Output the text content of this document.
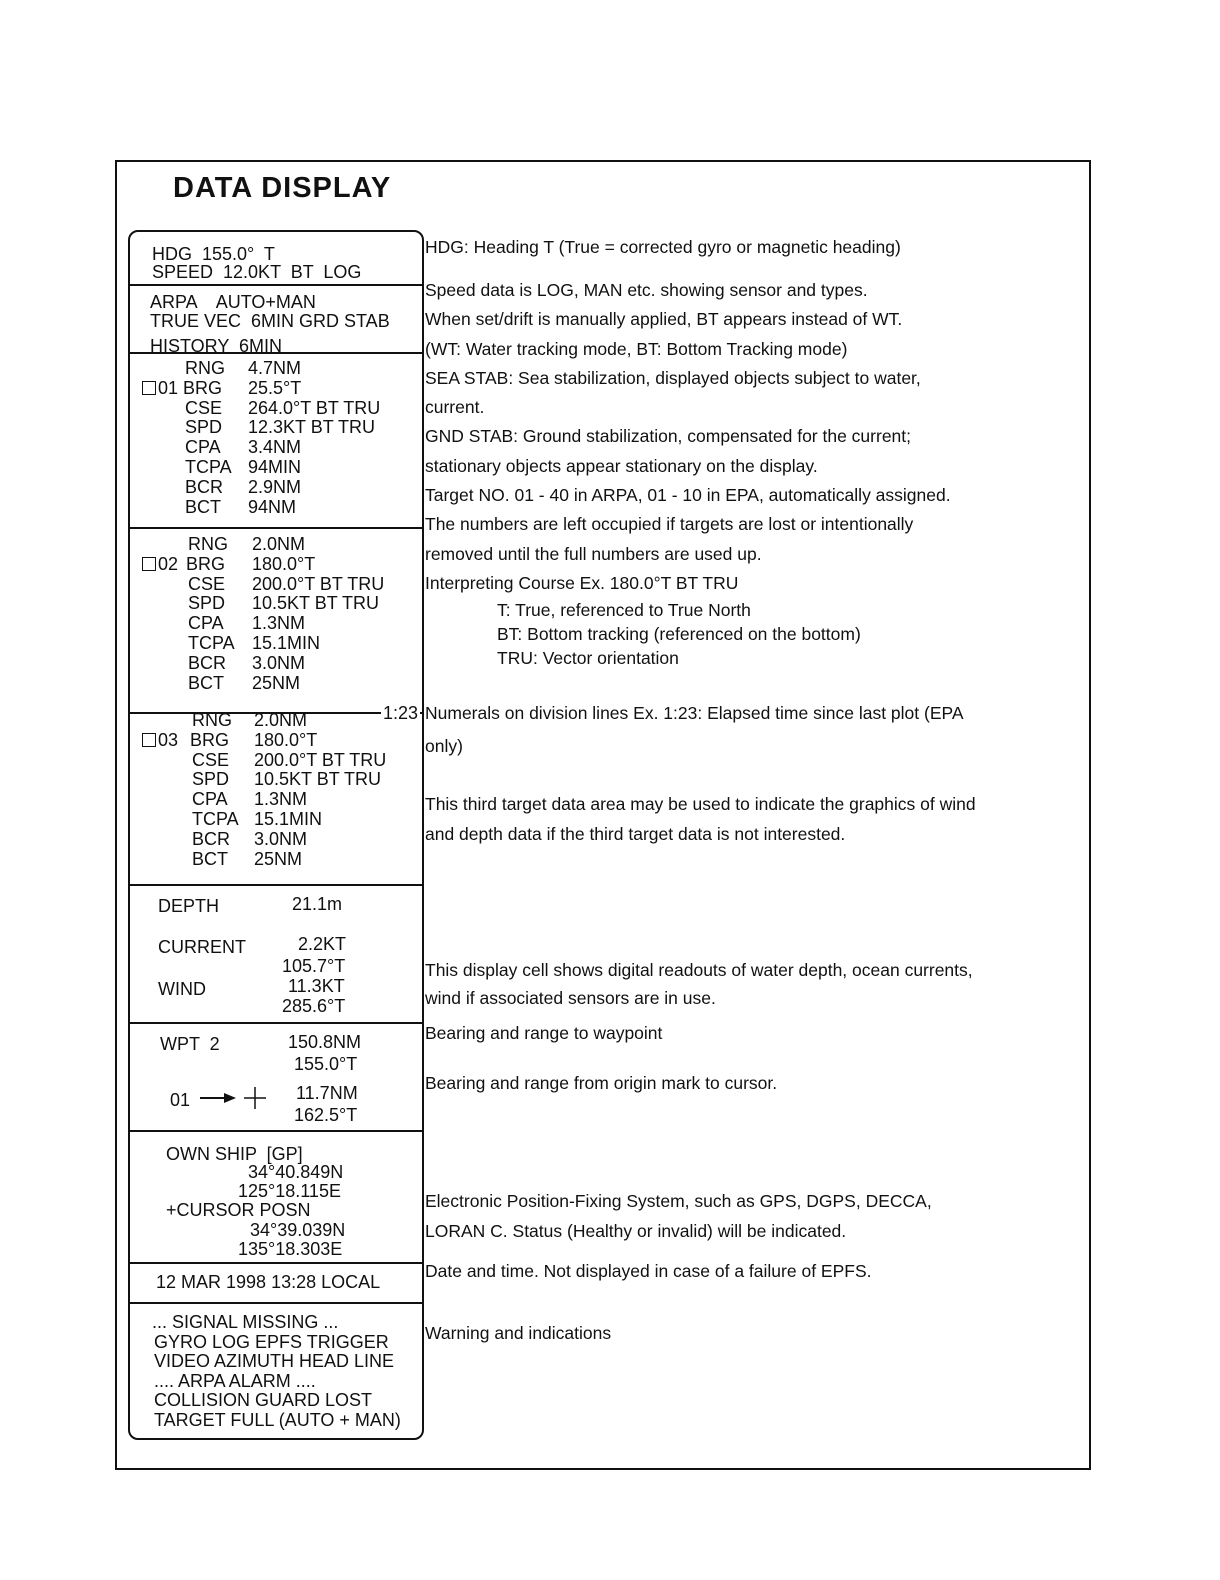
DATA DISPLAY
HDG  155.0°  T
SPEED  12.0KT  BT  LOG
ARPA    AUTO+MAN
TRUE VEC  6MIN GRD STAB
HISTORY  6MIN
RNG 4.7NM
01 BRG 25.5°T
CSE 264.0°T BT TRU
SPD 12.3KT BT TRU
CPA 3.4NM
TCPA 94MIN
BCR 2.9NM
BCT 94NM
RNG 2.0NM
02 BRG 180.0°T
CSE 200.0°T BT TRU
SPD 10.5KT BT TRU
CPA 1.3NM
TCPA 15.1MIN
BCR 3.0NM
BCT 25NM
RNG 2.0NM
03 BRG 180.0°T
CSE 200.0°T BT TRU
SPD 10.5KT BT TRU
CPA 1.3NM
TCPA 15.1MIN
BCR 3.0NM
BCT 25NM
1:23
DEPTH	21.1m
CURRENT	2.2KT
105.7°T
WIND	11.3KT
285.6°T
WPT  2	150.8NM
155.0°T
01	11.7NM
162.5°T
OWN SHIP  [GP]
34°40.849N
125°18.115E
+CURSOR POSN
34°39.039N
135°18.303E
12 MAR 1998 13:28 LOCAL
... SIGNAL MISSING ...
GYRO LOG EPFS TRIGGER
VIDEO AZIMUTH HEAD LINE
.... ARPA ALARM ....
COLLISION GUARD LOST
TARGET FULL (AUTO + MAN)
HDG: Heading T (True = corrected gyro or magnetic heading)
Speed data is LOG, MAN etc. showing sensor and types.
When set/drift is manually applied, BT appears instead of WT.
(WT: Water tracking mode, BT: Bottom Tracking mode)
SEA STAB: Sea stabilization, displayed objects subject to water,
current.
GND STAB: Ground stabilization, compensated for the current;
stationary objects appear stationary on the display.
Target NO. 01 - 40 in ARPA, 01 - 10 in EPA, automatically assigned.
The numbers are left occupied if targets are lost or intentionally
removed until the full numbers are used up.
Interpreting Course Ex. 180.0°T BT TRU
T: True, referenced to True North
BT: Bottom tracking (referenced on the bottom)
TRU: Vector orientation
Numerals on division lines Ex. 1:23: Elapsed time since last plot (EPA
only)
This third target data area may be used to indicate the graphics of wind
and depth data if the third target data is not interested.
This display cell shows digital readouts of water depth, ocean currents,
wind if associated sensors are in use.
Bearing and range to waypoint
Bearing and range from origin mark to cursor.
Electronic Position-Fixing System, such as GPS, DGPS, DECCA,
LORAN C. Status (Healthy or invalid) will be indicated.
Date and time. Not displayed in case of a failure of EPFS.
Warning and indications
